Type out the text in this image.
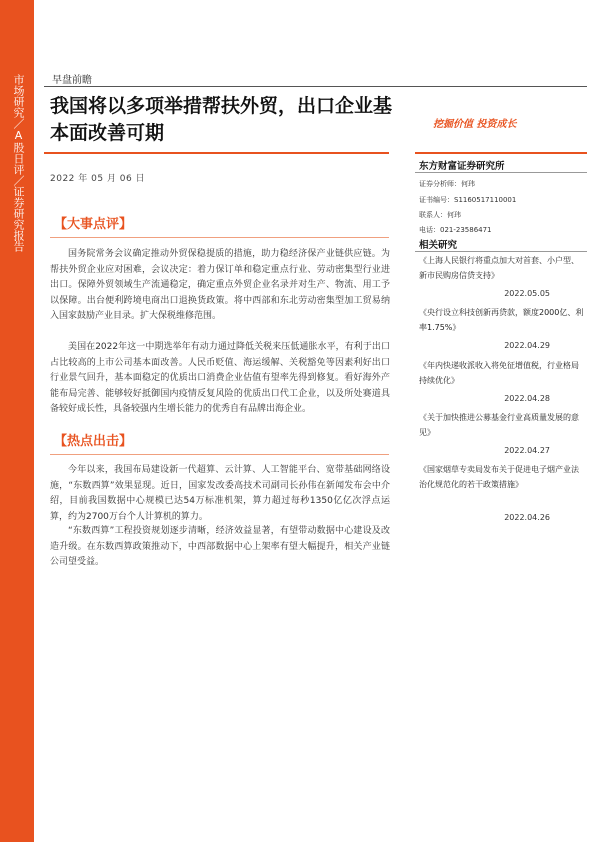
市场研究／A股日评／证券研究报告	早盘前瞻
我国将以多项举措帮扶外贸，出口企业基本面改善可期	挖掘价值 投资成长
2022 年 05 月 06 日
【大事点评】

国务院常务会议确定推动外贸保稳提质的措施，助力稳经济保产业链供应链。为帮扶外贸企业应对困难，会议决定：着力保订单和稳定重点行业、劳动密集型行业进出口。保障外贸领域生产流通稳定，确定重点外贸企业名录并对生产、物流、用工予以保障。出台便利跨境电商出口退换货政策。将中西部和东北劳动密集型加工贸易纳入国家鼓励产业目录。扩大保税维修范围。

美国在2022年这一中期选举年有动力通过降低关税来压低通胀水平，有利于出口占比较高的上市公司基本面改善。人民币贬值、海运缓解、关税豁免等因素利好出口行业景气回升，基本面稳定的优质出口消费企业估值有望率先得到修复。看好海外产能布局完善、能够较好抵御国内疫情反复风险的优质出口代工企业，以及所处赛道具备较好成长性，具备较强内生增长能力的优秀自有品牌出海企业。

【热点出击】

今年以来，我国布局建设新一代超算、云计算、人工智能平台、宽带基础网络设施，“东数西算”效果显现。近日，国家发改委高技术司副司长孙伟在新闻发布会中介绍，目前我国数据中心规模已达54万标准机架，算力超过每秒1350亿亿次浮点运算，约为2700万台个人计算机的算力。

“东数西算”工程投资规划逐步清晰，经济效益显著，有望带动数据中心建设及改造升级。在东数西算政策推动下，中西部数据中心上架率有望大幅提升，相关产业链公司望受益。

东方财富证券研究所
证券分析师：何玮
证书编号：S1160517110001
联系人：何玮
电话：021-23586471
相关研究
《上海人民银行将重点加大对首套、小户型、新市民购房信贷支持》
2022.05.05
《央行设立科技创新再贷款，额度2000亿、利率1.75%》
2022.04.29
《年内快递收派收入将免征增值税，行业格局持续优化》
2022.04.28
《关于加快推进公募基金行业高质量发展的意见》
2022.04.27
《国家烟草专卖局发布关于促进电子烟产业法治化规范化的若干政策措施》
2022.04.26
